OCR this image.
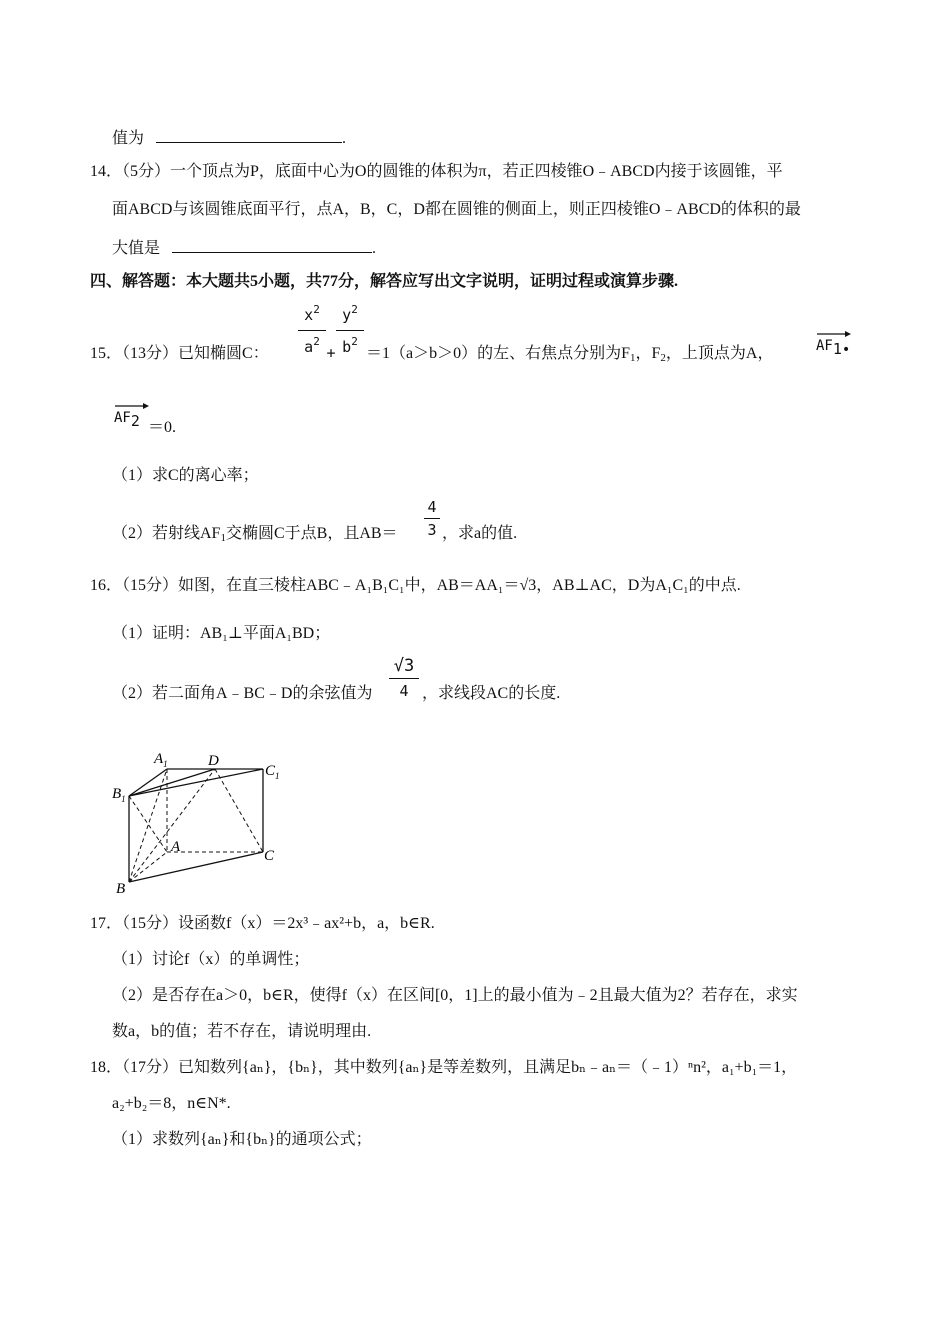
值为	.
14．（5分）一个顶点为P，底面中心为O的圆锥的体积为π，若正四棱锥O﹣ABCD内接于该圆锥，平
面ABCD与该圆锥底面平行，点A，B，C，D都在圆锥的侧面上，则正四棱锥O﹣ABCD的体积的最
大值是	.
四、解答题：本大题共5小题，共77分，解答应写出文字说明，证明过程或演算步骤.
15．（13分）已知椭圆C：
$x^2$
$a^2$
+
$y^2$
$b^2$
＝1（a＞b＞0）的左、右焦点分别为$F_1$，$F_2$，上顶点为A，	AF1•
AF2 ＝0.
（1）求C的离心率；
（2）若射线$AF_1$交椭圆C于点B，且AB＝
4
3 ，求a的值.
16．（15分）如图，在直三棱柱ABC﹣A₁B₁C₁中，AB＝AA₁＝√3，AB⊥AC，D为A₁C₁的中点.
（1）证明：AB₁⊥平面A₁BD；
（2）若二面角A﹣BC﹣D的余弦值为
√3
4 ，求线段AC的长度.
$A_1$	D
$C_1$
$B_1$
A
C
B
17．（15分）设函数f（x）＝2x³﹣ax²+b，a，b∈R.
（1）讨论f（x）的单调性；
（2）是否存在a＞0，b∈R，使得f（x）在区间[0，1]上的最小值为﹣2且最大值为2？若存在，求实
数a，b的值；若不存在，请说明理由.
18．（17分）已知数列{aₙ}，{bₙ}，其中数列{aₙ}是等差数列，且满足bₙ﹣aₙ＝（﹣1）ⁿn²，a₁+b₁＝1，
a₂+b₂＝8，n∈N*.
（1）求数列{aₙ}和{bₙ}的通项公式；
